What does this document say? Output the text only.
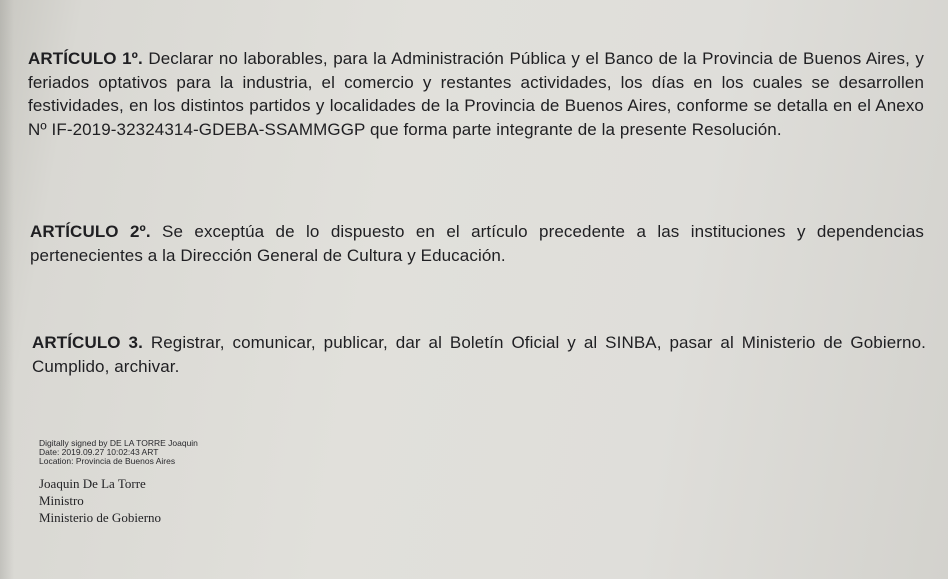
ARTÍCULO 1º. Declarar no laborables, para la Administración Pública y el Banco de la Provincia de Buenos Aires, y feriados optativos para la industria, el comercio y restantes actividades, los días en los cuales se desarrollen festividades, en los distintos partidos y localidades de la Provincia de Buenos Aires, conforme se detalla en el Anexo Nº IF-2019-32324314-GDEBA-SSAMMGGP que forma parte integrante de la presente Resolución.

ARTÍCULO 2º. Se exceptúa de lo dispuesto en el artículo precedente a las instituciones y dependencias pertenecientes a la Dirección General de Cultura y Educación.

ARTÍCULO 3. Registrar, comunicar, publicar, dar al Boletín Oficial y al SINBA, pasar al Ministerio de Gobierno. Cumplido, archivar.

Digitally signed by DE LA TORRE Joaquin
Date: 2019.09.27 10:02:43 ART
Location: Provincia de Buenos Aires
Joaquin De La Torre
Ministro
Ministerio de Gobierno
